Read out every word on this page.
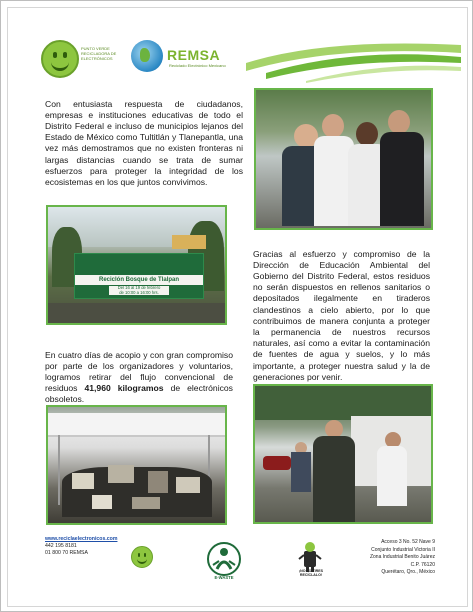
PUNTO VERDE RECICLADORA DE ELECTRÓNICOS	REMSA
Reciclado Electrónico Mexicano

Con entusiasta respuesta de ciudadanos, empresas e instituciones educativas de todo el Distrito Federal e incluso de municipios lejanos del Estado de México como Tultitlán y Tlanepantla, una vez más demostramos que no existen fronteras ni largas distancias cuando se trata de sumar esfuerzos para proteger la integridad de los ecosistemas en los que juntos convivimos.

Reciclón Bosque de Tlalpan
Del 16 al 19 de febrero
de 10:00 a 16:00 hrs.

Gracias al esfuerzo y compromiso de la Dirección de Educación Ambiental del Gobierno del Distrito Federal, estos residuos no serán dispuestos en rellenos sanitarios o depositados ilegalmente en tiraderos clandestinos a cielo abierto, por lo que contribuimos de manera conjunta a proteger la permanencia de nuestros recursos naturales, así como a evitar la contaminación de fuentes de agua y suelos, y lo más importante, a proteger nuestra salud y la de generaciones por venir.

En cuatro días de acopio y con gran compromiso por parte de los organizadores y voluntarios, logramos retirar del flujo convencional de residuos 41,960 kilogramos de electrónicos obsoletos.

www.reciclaelectronicos.com
442 195 8181
01 800 70 REMSA
E-WASTE
¡NO LO TIRES RECÍCLALO!
Acceso 3 No. 52 Nave 9
Conjunto Industrial Victoria II
Zona Industrial Benito Juárez
C.P. 76120
Querétaro, Qro., México
